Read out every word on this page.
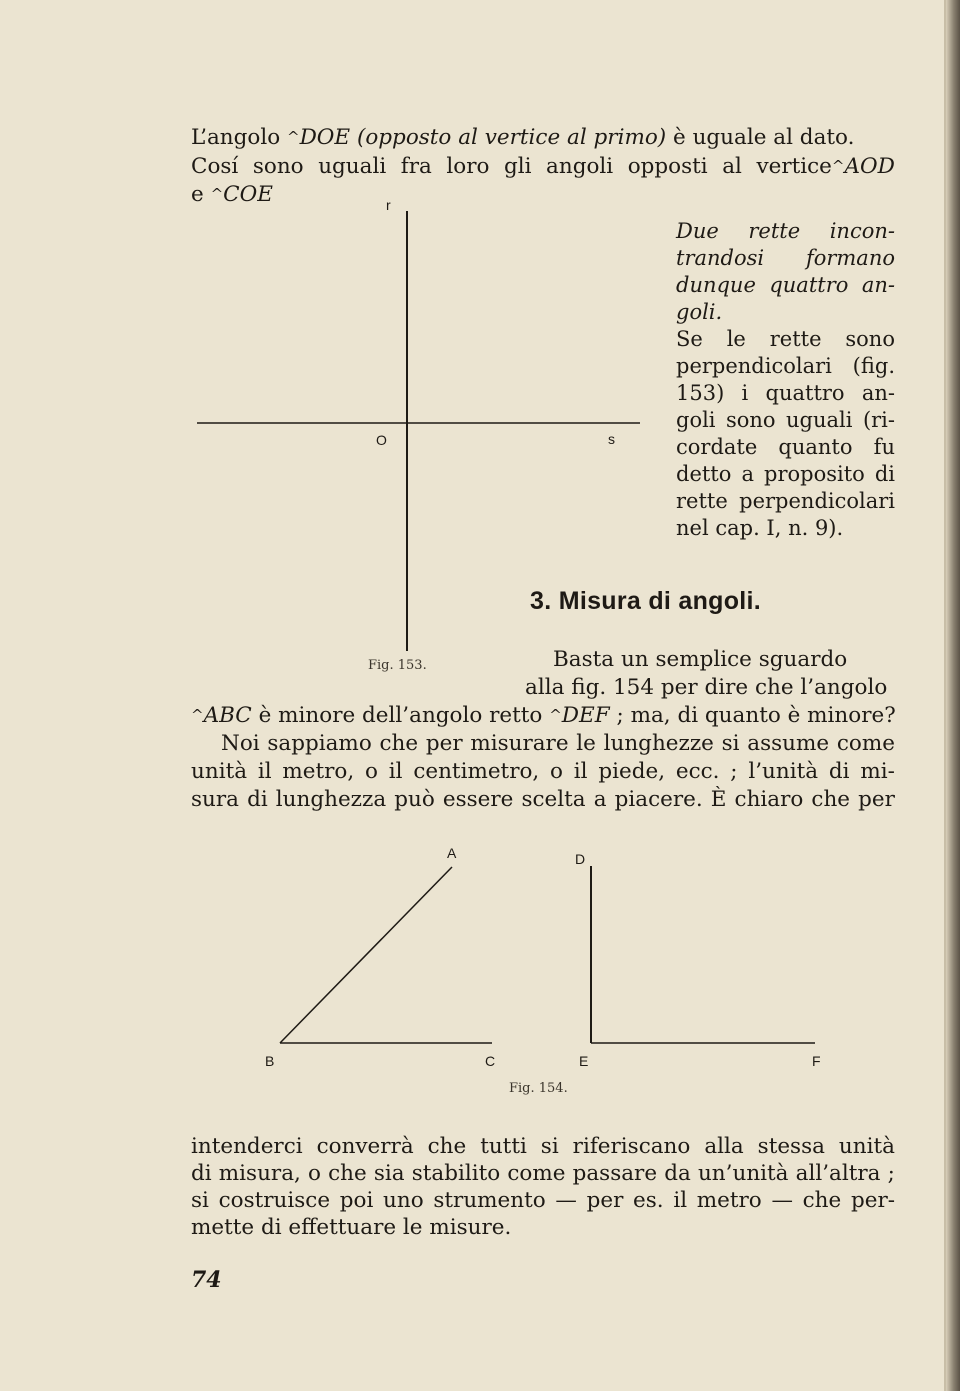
L’angolo ^DOE (opposto al vertice al primo) è uguale al dato.
Cosí sono uguali fra loro gli angoli opposti al vertice^AOD
e ^COE
Due rette incon-
trandosi formano
dunque quattro an-
goli.
Se le rette sono
perpendicolari (fig.
153) i quattro an-
goli sono uguali (ri-
cordate quanto fu
detto a proposito di
rette perpendicolari
nel cap. I, n. 9).
r
O	s
Fig. 153.
3. Misura di angoli.
Basta un semplice sguardo
alla fig. 154 per dire che l’angolo
^ABC è minore dell’angolo retto ^DEF ; ma, di quanto è minore?
Noi sappiamo che per misurare le lunghezze si assume come
unità il metro, o il centimetro, o il piede, ecc. ; l’unità di mi-
sura di lunghezza può essere scelta a piacere. È chiaro che per
A
B	C
D
E	F
Fig. 154.
intenderci converrà che tutti si riferiscano alla stessa unità
di misura, o che sia stabilito come passare da un’unità all’altra ;
si costruisce poi uno strumento — per es. il metro — che per-
mette di effettuare le misure.
74
